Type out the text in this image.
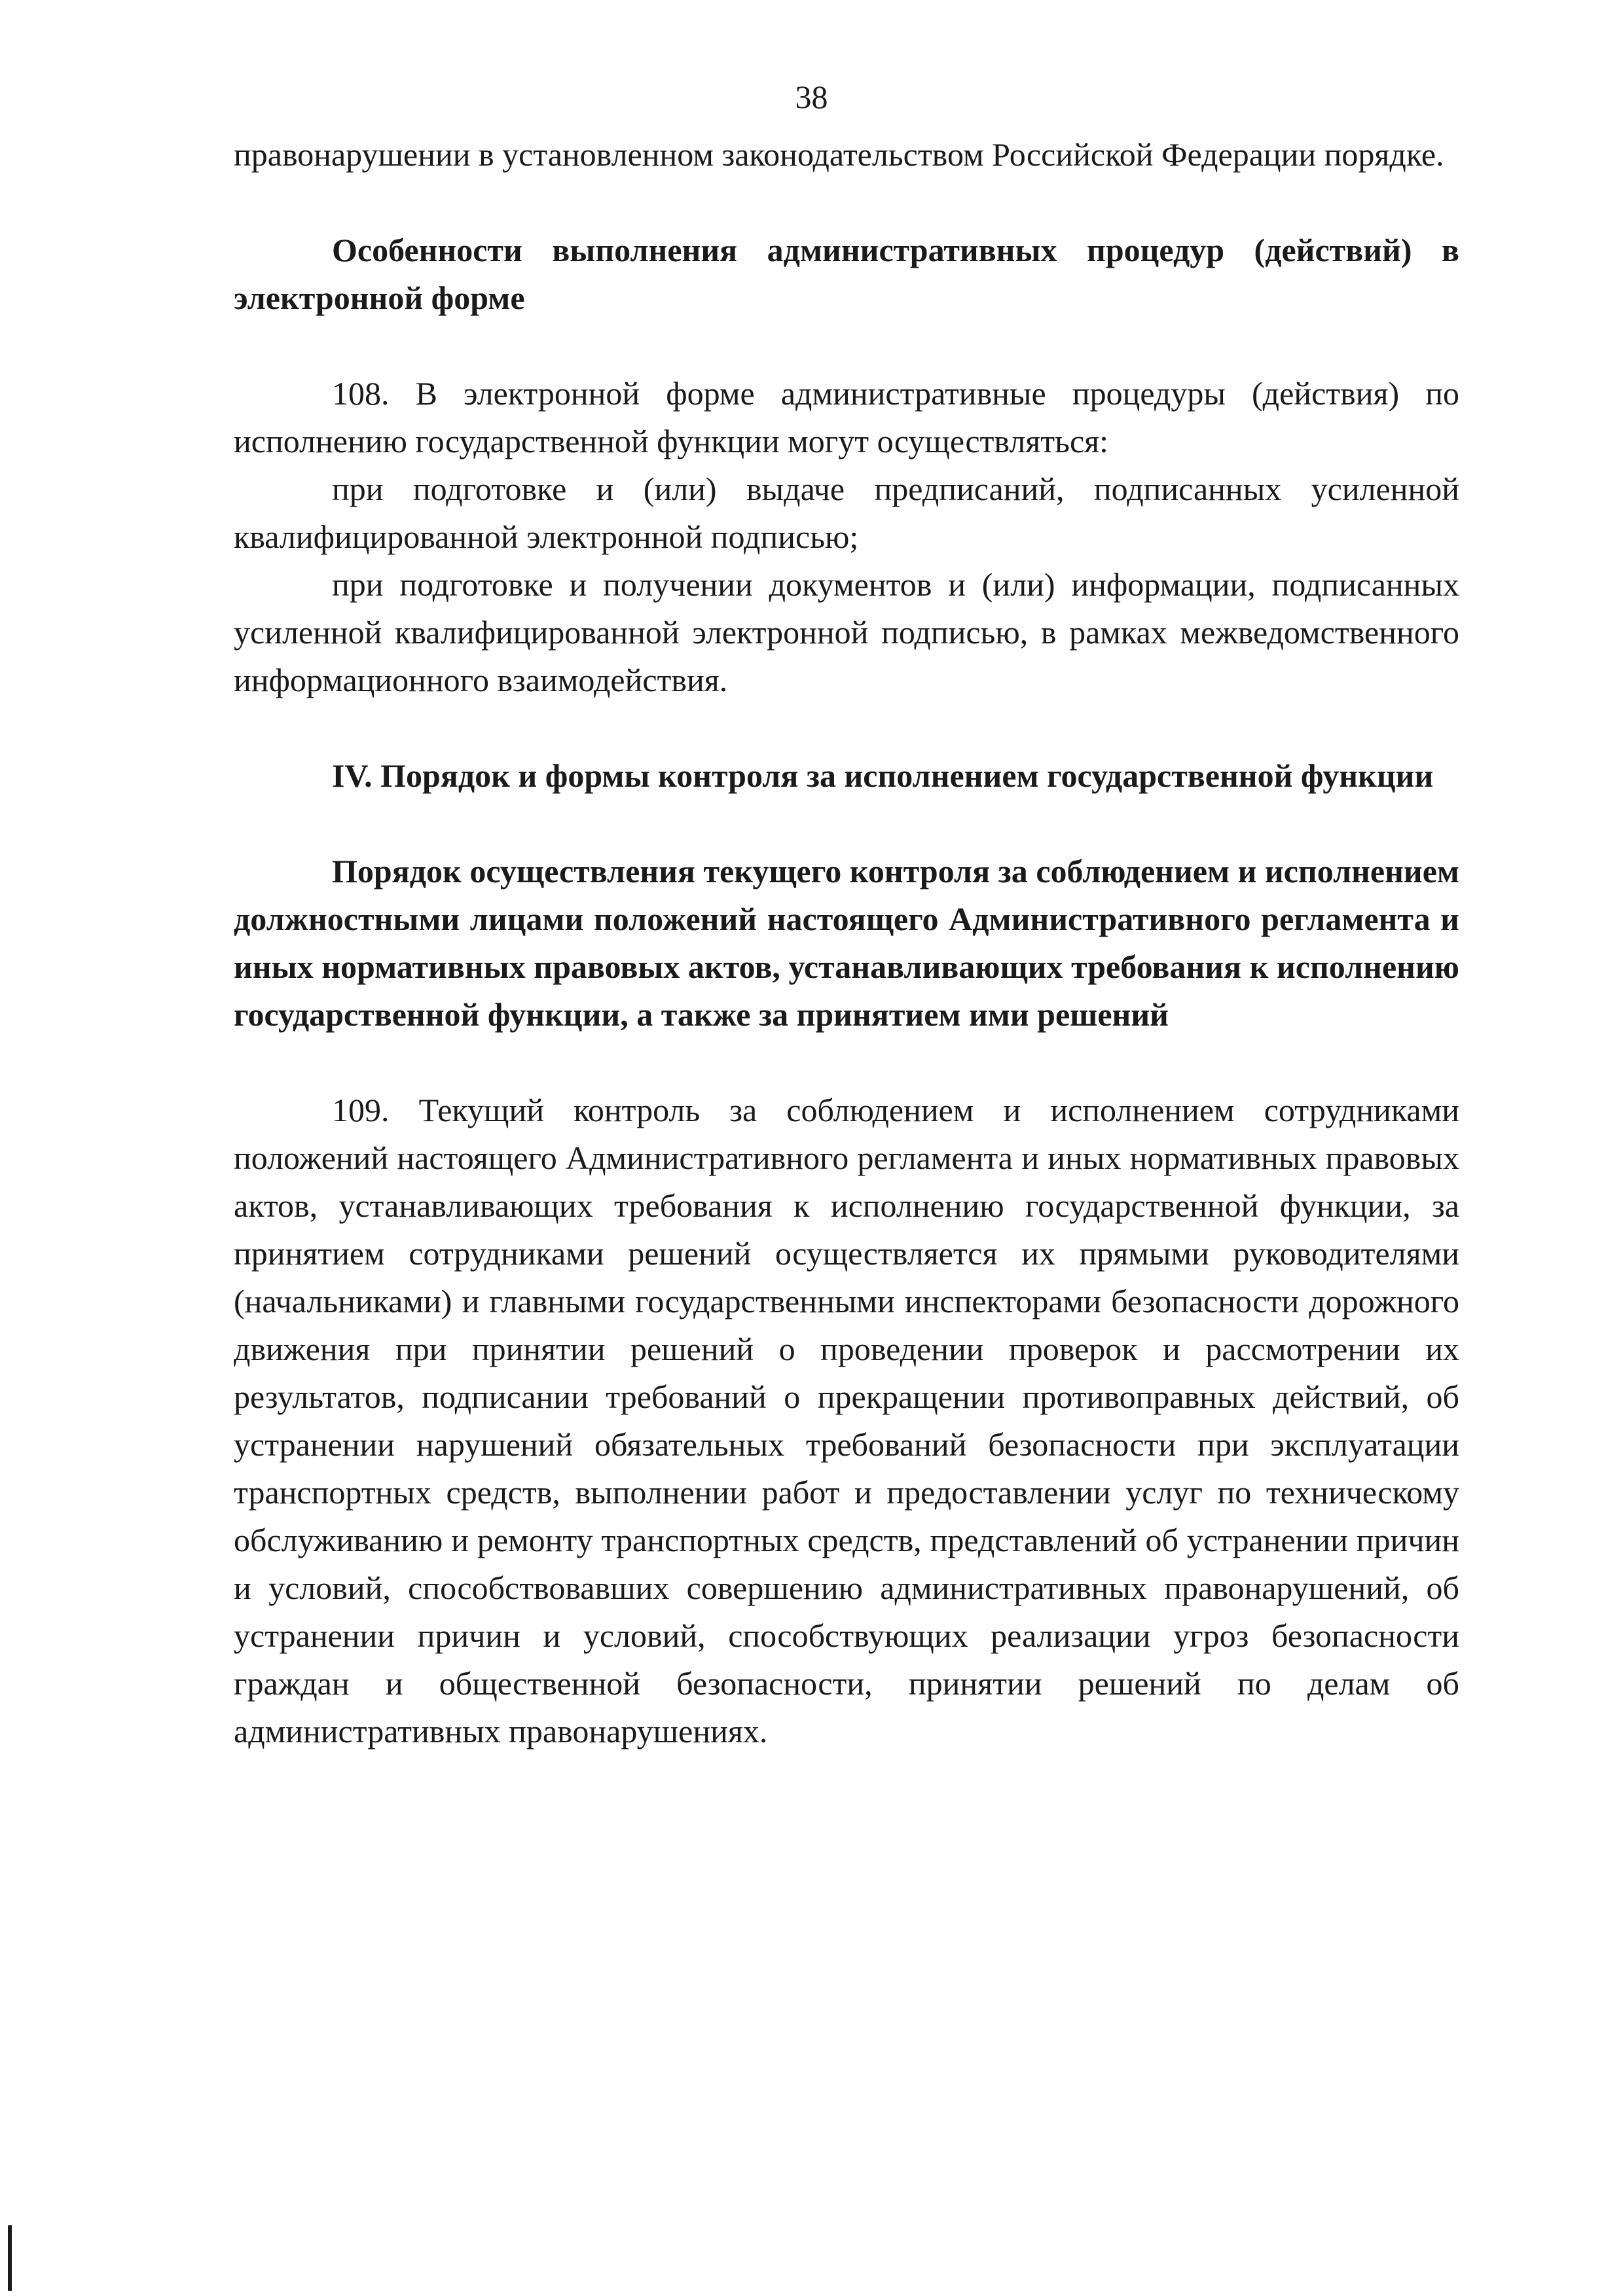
38

правонарушении в установленном законодательством Российской Федерации порядке.

Особенности выполнения административных процедур (действий) в электронной форме

108. В электронной форме административные процедуры (действия) по исполнению государственной функции могут осуществляться:

при подготовке и (или) выдаче предписаний, подписанных усиленной квалифицированной электронной подписью;

при подготовке и получении документов и (или) информации, подписанных усиленной квалифицированной электронной подписью, в рамках межведомственного информационного взаимодействия.

IV. Порядок и формы контроля за исполнением государственной функции

Порядок осуществления текущего контроля за соблюдением и исполнением должностными лицами положений настоящего Административного регламента и иных нормативных правовых актов, устанавливающих требования к исполнению государственной функции, а также за принятием ими решений

109. Текущий контроль за соблюдением и исполнением сотрудниками положений настоящего Административного регламента и иных нормативных правовых актов, устанавливающих требования к исполнению государственной функции, за принятием сотрудниками решений осуществляется их прямыми руководителями (начальниками) и главными государственными инспекторами безопасности дорожного движения при принятии решений о проведении проверок и рассмотрении их результатов, подписании требований о прекращении противоправных действий, об устранении нарушений обязательных требований безопасности при эксплуатации транспортных средств, выполнении работ и предоставлении услуг по техническому обслуживанию и ремонту транспортных средств, представлений об устранении причин и условий, способствовавших совершению административных правонарушений, об устранении причин и условий, способствующих реализации угроз безопасности граждан и общественной безопасности, принятии решений по делам об административных правонарушениях.
